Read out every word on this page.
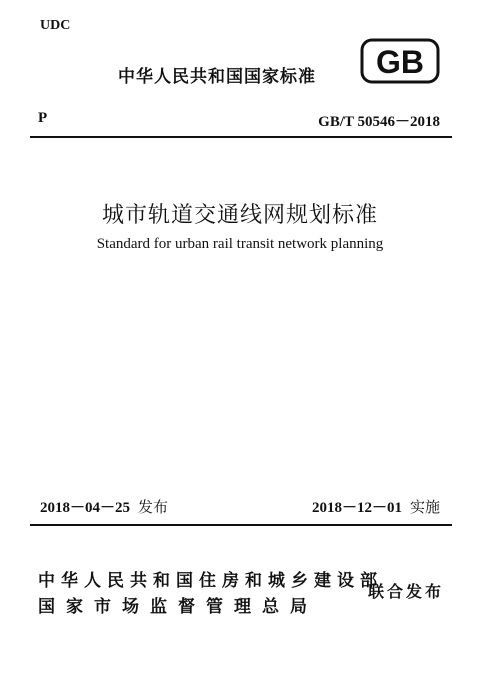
UDC
中华人民共和国国家标准 GB
P	GB/T 50546－2018
城市轨道交通线网规划标准
Standard for urban rail transit network planning
2018－04－25 发布	2018－12－01 实施
中华人民共和国住房和城乡建设部
国家市场监督管理总局
联合发布
